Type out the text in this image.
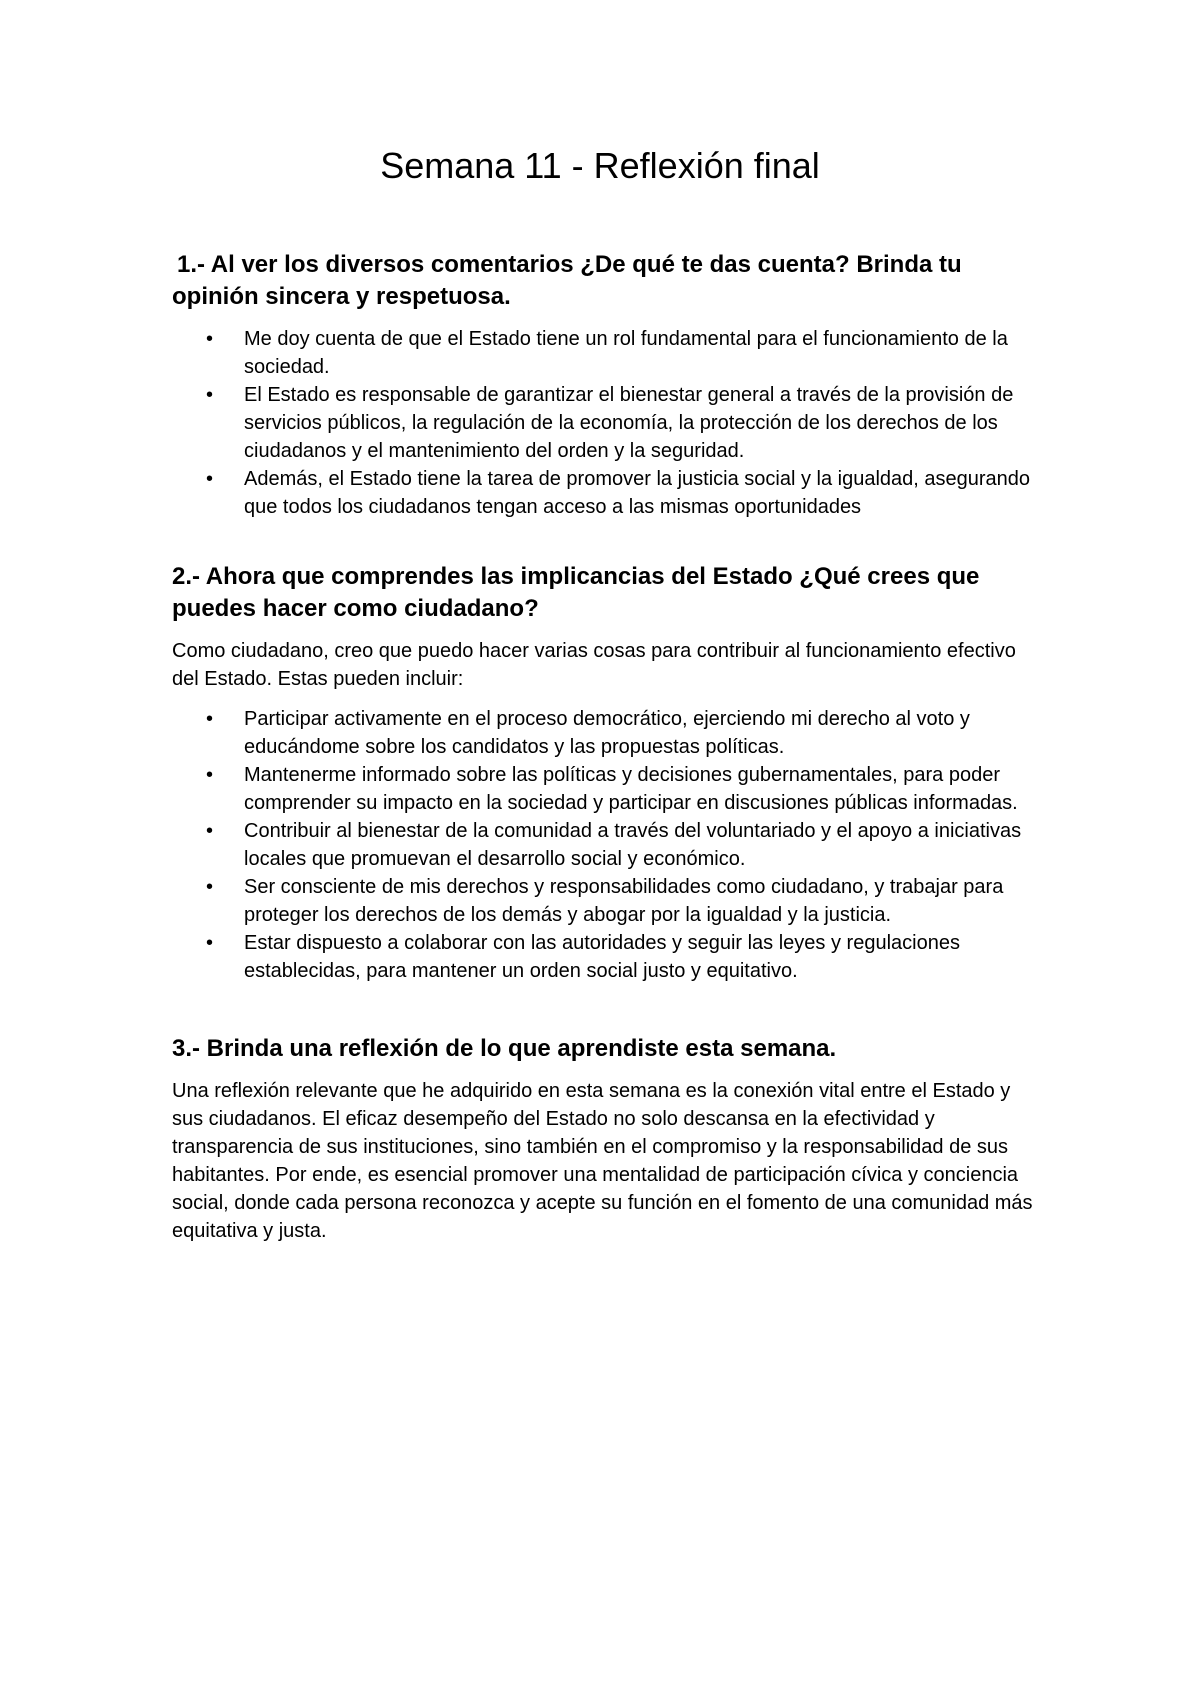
Semana 11 - Reflexión final
1.- Al ver los diversos comentarios ¿De qué te das cuenta? Brinda tu opinión sincera y respetuosa.
• Me doy cuenta de que el Estado tiene un rol fundamental para el funcionamiento de la sociedad.
• El Estado es responsable de garantizar el bienestar general a través de la provisión de servicios públicos, la regulación de la economía, la protección de los derechos de los ciudadanos y el mantenimiento del orden y la seguridad.
• Además, el Estado tiene la tarea de promover la justicia social y la igualdad, asegurando que todos los ciudadanos tengan acceso a las mismas oportunidades
2.- Ahora que comprendes las implicancias del Estado ¿Qué crees que puedes hacer como ciudadano?

Como ciudadano, creo que puedo hacer varias cosas para contribuir al funcionamiento efectivo del Estado. Estas pueden incluir:

• Participar activamente en el proceso democrático, ejerciendo mi derecho al voto y educándome sobre los candidatos y las propuestas políticas.
• Mantenerme informado sobre las políticas y decisiones gubernamentales, para poder comprender su impacto en la sociedad y participar en discusiones públicas informadas.
• Contribuir al bienestar de la comunidad a través del voluntariado y el apoyo a iniciativas locales que promuevan el desarrollo social y económico.
• Ser consciente de mis derechos y responsabilidades como ciudadano, y trabajar para proteger los derechos de los demás y abogar por la igualdad y la justicia.
• Estar dispuesto a colaborar con las autoridades y seguir las leyes y regulaciones establecidas, para mantener un orden social justo y equitativo.
3.- Brinda una reflexión de lo que aprendiste esta semana.

Una reflexión relevante que he adquirido en esta semana es la conexión vital entre el Estado y sus ciudadanos. El eficaz desempeño del Estado no solo descansa en la efectividad y transparencia de sus instituciones, sino también en el compromiso y la responsabilidad de sus habitantes. Por ende, es esencial promover una mentalidad de participación cívica y conciencia social, donde cada persona reconozca y acepte su función en el fomento de una comunidad más equitativa y justa.
